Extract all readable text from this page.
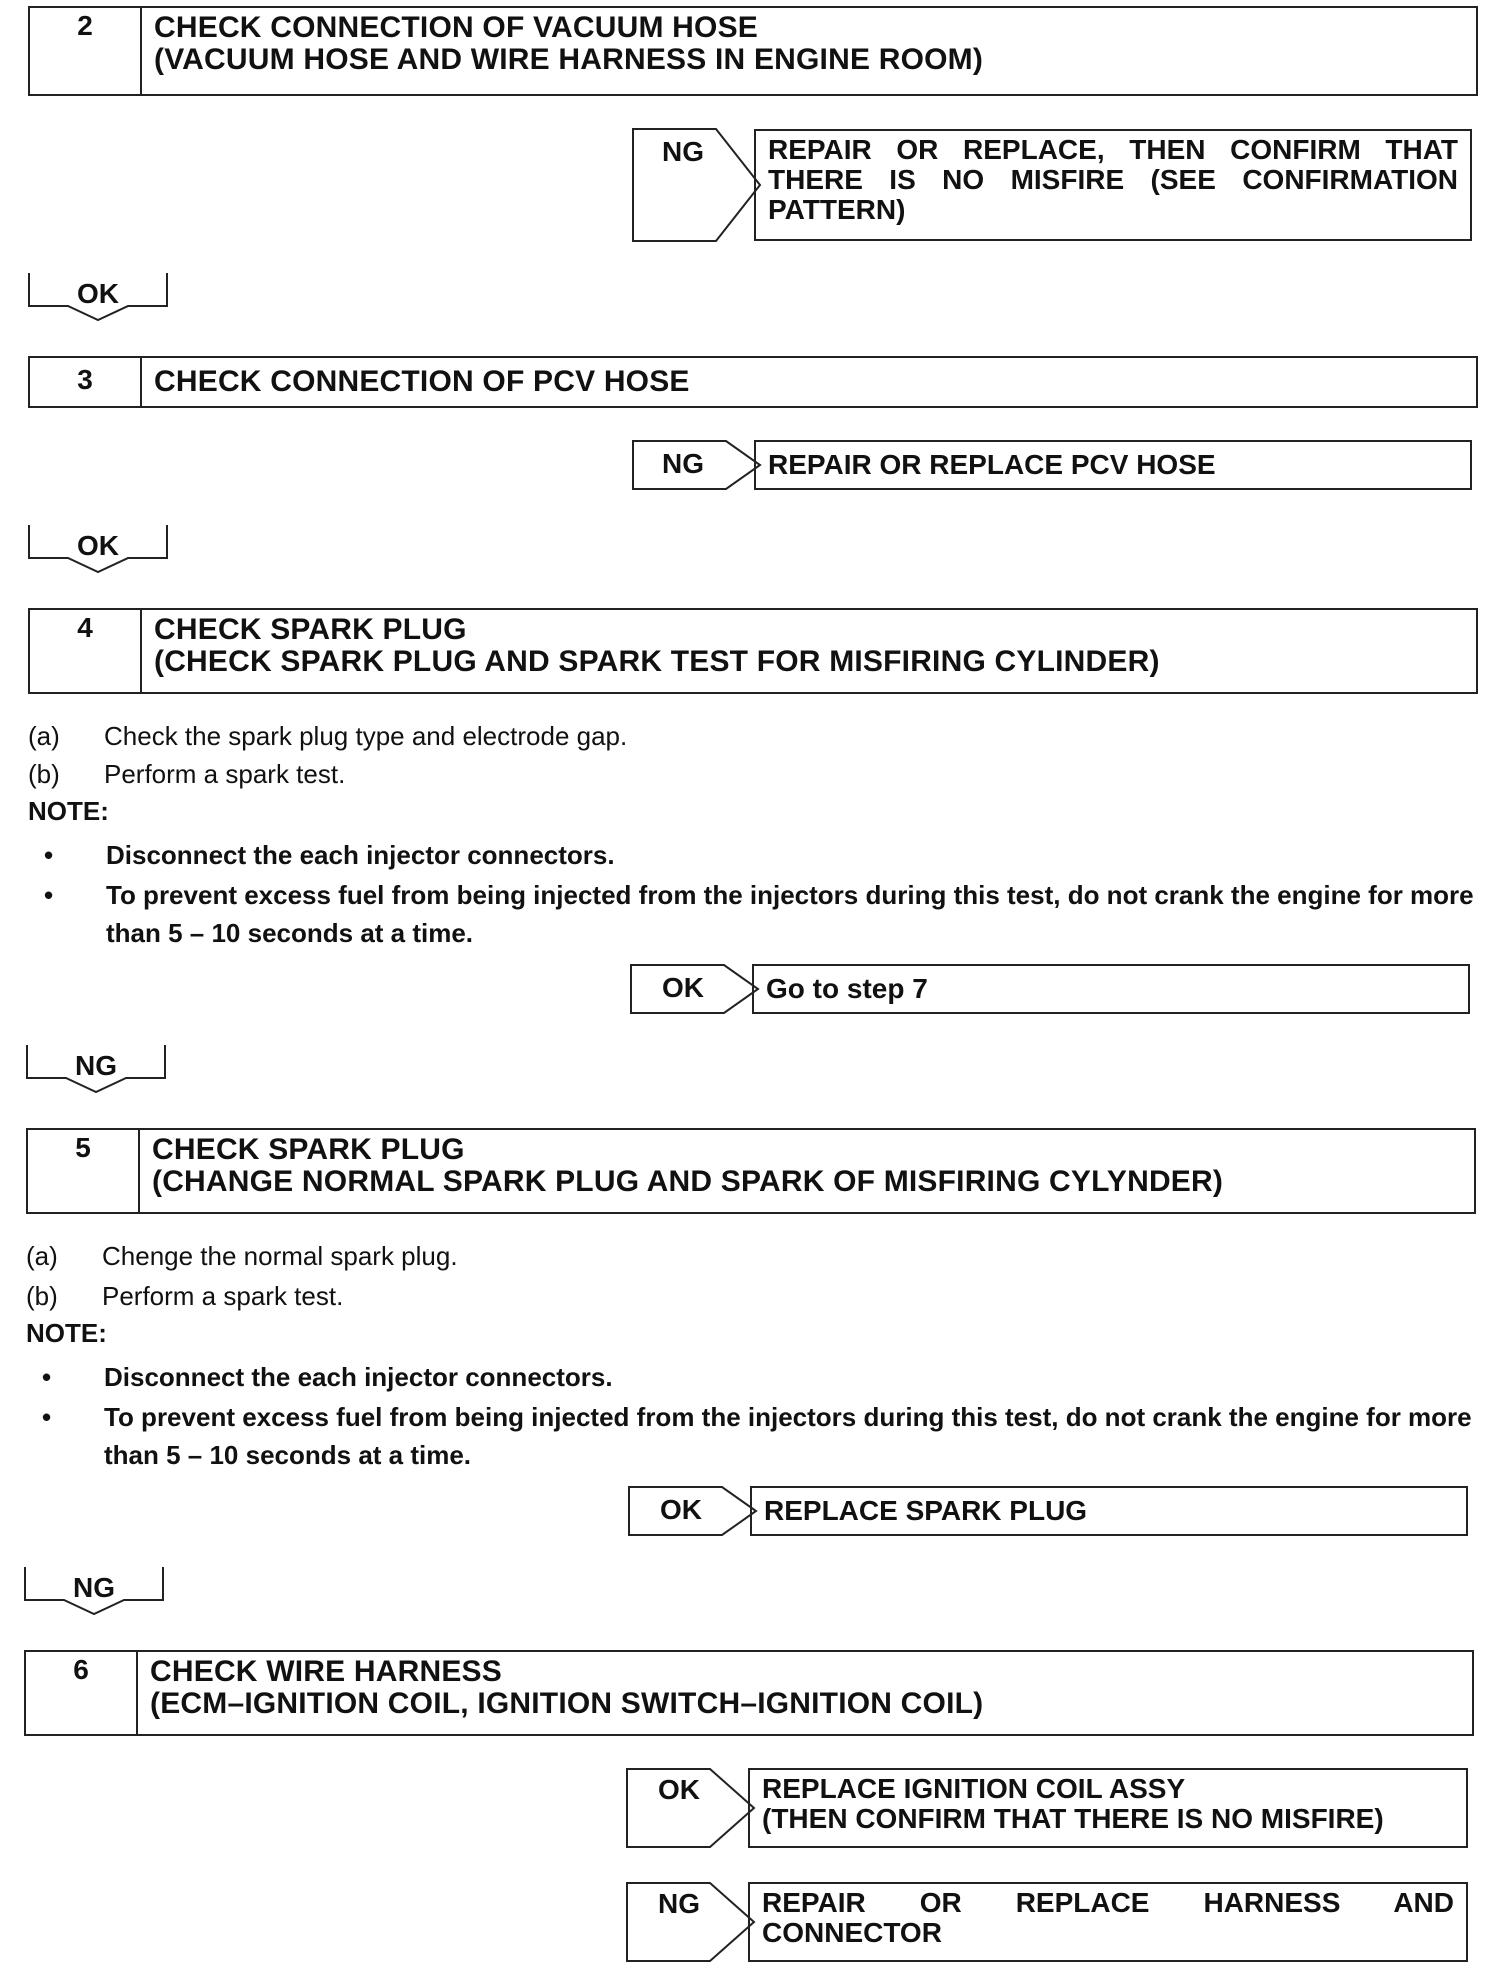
2	CHECK CONNECTION OF VACUUM HOSE
(VACUUM HOSE AND WIRE HARNESS IN ENGINE ROOM)
NG	REPAIR OR REPLACE, THEN CONFIRM THAT THERE IS NO MISFIRE (SEE CONFIRMATION PATTERN)
OK
3	CHECK CONNECTION OF PCV HOSE
NG	REPAIR OR REPLACE PCV HOSE
OK
4	CHECK SPARK PLUG
(CHECK SPARK PLUG AND SPARK TEST FOR MISFIRING CYLINDER)
(a) Check the spark plug type and electrode gap.
(b) Perform a spark test.
NOTE:
• Disconnect the each injector connectors.
• To prevent excess fuel from being injected from the injectors during this test, do not crank the engine for more than 5 – 10 seconds at a time.
OK	Go to step 7
NG
5	CHECK SPARK PLUG
(CHANGE NORMAL SPARK PLUG AND SPARK OF MISFIRING CYLYNDER)
(a) Chenge the normal spark plug.
(b) Perform a spark test.
NOTE:
• Disconnect the each injector connectors.
• To prevent excess fuel from being injected from the injectors during this test, do not crank the engine for more than 5 – 10 seconds at a time.
OK	REPLACE SPARK PLUG
NG
6	CHECK WIRE HARNESS
(ECM–IGNITION COIL, IGNITION SWITCH–IGNITION COIL)
OK REPLACE IGNITION COIL ASSY
(THEN CONFIRM THAT THERE IS NO MISFIRE)
NG	REPAIR OR REPLACE HARNESS AND CONNECTOR
